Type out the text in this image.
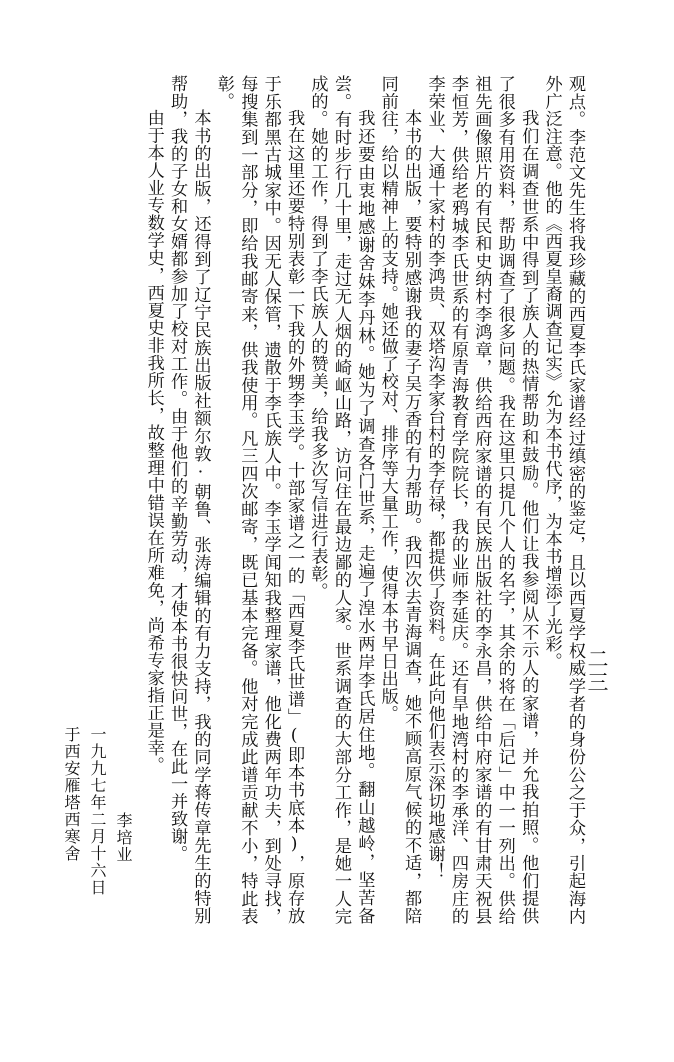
二三

观点。李范文先生将我珍藏的西夏李氏家谱经过缜密的鉴定，且以西夏学权威学者的身份公之于众，引起海内外广泛注意。他的《西夏皇裔调查记实》允为本书代序，为本书增添了光彩。

我们在调查世系中得到了族人的热情帮助和鼓励。他们让我参阅从不示人的家谱，并允我拍照。他们提供了很多有用资料，帮助调查了很多问题。我在这里只提几个人的名字，其余的将在「后记」中一一列出。供给祖先画像照片的有民和史纳村李鸿章，供给西府家谱的有民族出版社的李永昌，供给中府家谱的有甘肃天祝县李恒芳，供给老鸦城李氏世系的有原青海教育学院院长，我的业师李延庆。还有旱地湾村的李承洋、四房庄的李荣业、大通十家村的李鸿贵、双塔沟李家台村的李存禄，都提供了资料。在此向他们表示深切地感谢！

本书的出版，要特别感谢我的妻子吴万香的有力帮助。我四次去青海调查，她不顾高原气候的不适，都陪同前往，给以精神上的支持。她还做了校对、排序等大量工作，使得本书早日出版。

我还要由衷地感谢舍妹李丹林。她为了调查各门世系，走遍了湟水两岸李氏居住地。翻山越岭，坚苦备尝。有时步行几十里，走过无人烟的崎岖山路，访问住在最边鄙的人家。世系调查的大部分工作，是她一人完成的。她的工作，得到了李氏族人的赞美，给我多次写信进行表彰。

我在这里还要特别表彰一下我的外甥李玉学。十部家谱之一的「西夏李氏世谱」(即本书底本)，原存放于乐都黑古城家中。因无人保管，遗散于李氏族人中。李玉学闻知我整理家谱，他化费两年功夫，到处寻找，每搜集到一部分，即给我邮寄来，供我使用。凡三四次邮寄，既已基本完备。他对完成此谱贡献不小，特此表彰。

本书的出版，还得到了辽宁民族出版社额尔敦·朝鲁、张涛编辑的有力支持，我的同学蒋传章先生的特别帮助，我的子女和女婿都参加了校对工作。由于他们的辛勤劳动，才使本书很快问世，在此一并致谢。

由于本人业专数学史，西夏史非我所长，故整理中错误在所难免，尚希专家指正是幸。

李培业
一九九七年二月十六日
于西安雁塔西寒舍
